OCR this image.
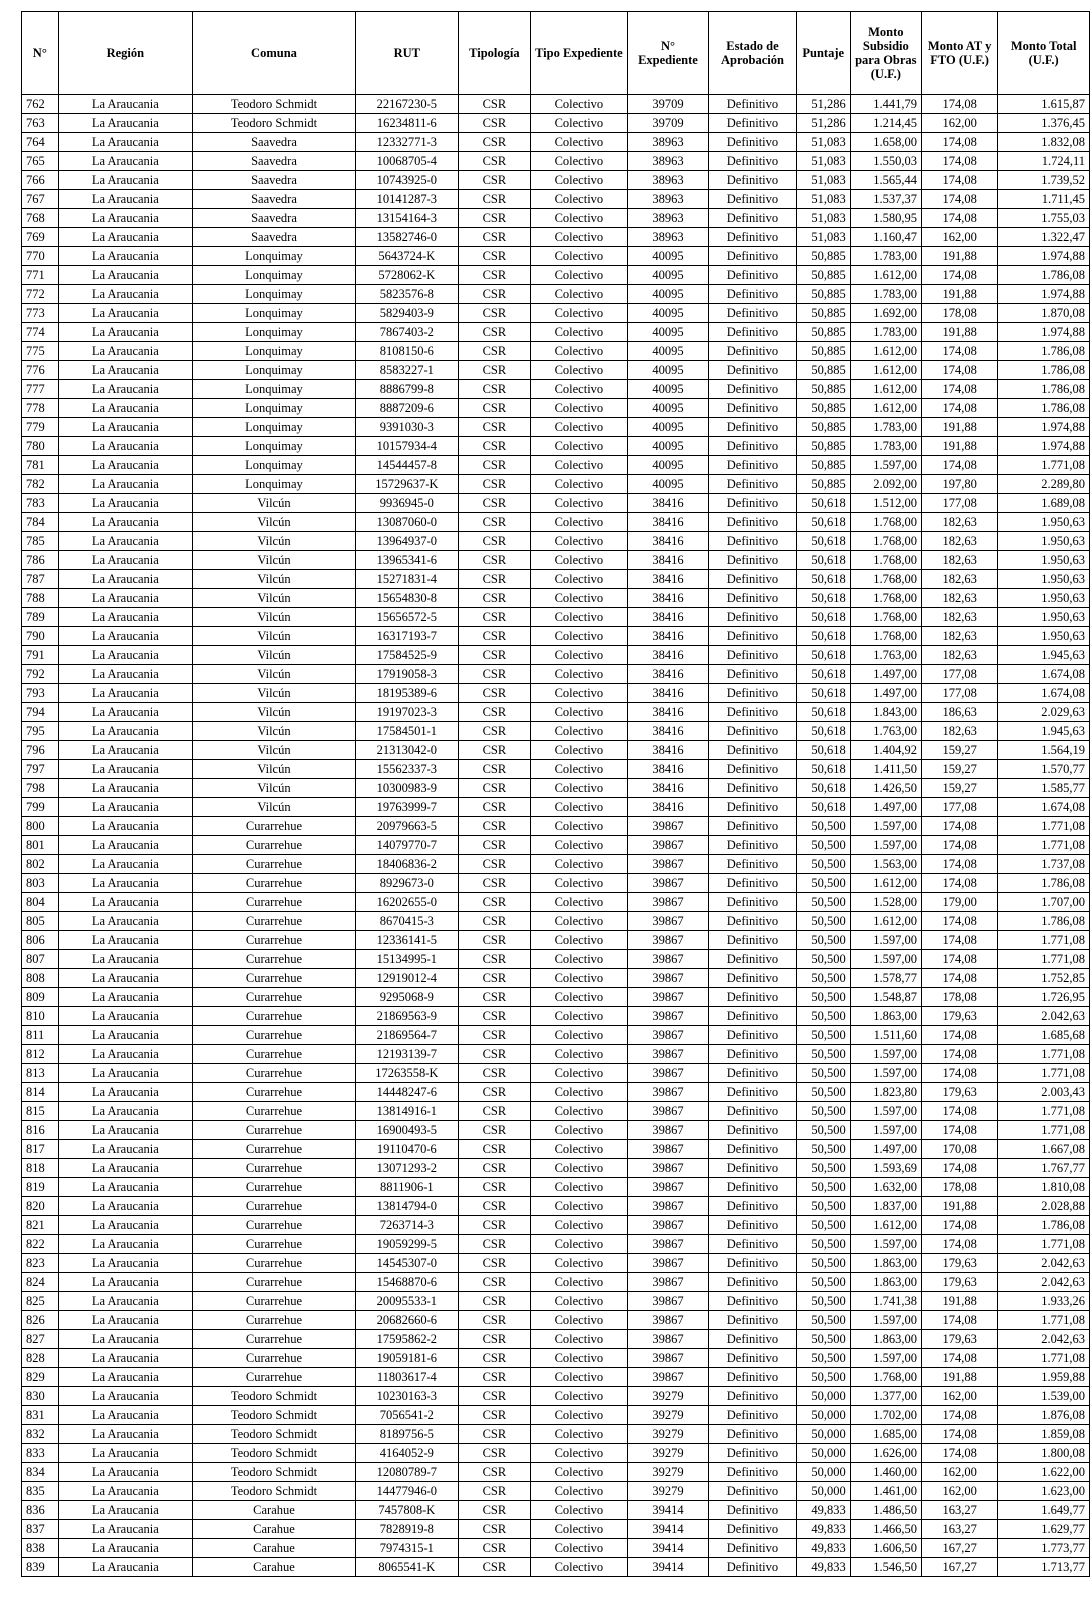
N°	Región	Comuna	RUT	Tipología	Tipo Expediente	N° Expediente	Estado de Aprobación	Puntaje	Monto Subsidio para Obras (U.F.)	Monto AT y FTO (U.F.)	Monto Total (U.F.)
762	La Araucania	Teodoro Schmidt	22167230-5	CSR	Colectivo	39709	Definitivo	51,286	1.441,79	174,08	1.615,87
763	La Araucania	Teodoro Schmidt	16234811-6	CSR	Colectivo	39709	Definitivo	51,286	1.214,45	162,00	1.376,45
764	La Araucania	Saavedra	12332771-3	CSR	Colectivo	38963	Definitivo	51,083	1.658,00	174,08	1.832,08
765	La Araucania	Saavedra	10068705-4	CSR	Colectivo	38963	Definitivo	51,083	1.550,03	174,08	1.724,11
766	La Araucania	Saavedra	10743925-0	CSR	Colectivo	38963	Definitivo	51,083	1.565,44	174,08	1.739,52
767	La Araucania	Saavedra	10141287-3	CSR	Colectivo	38963	Definitivo	51,083	1.537,37	174,08	1.711,45
768	La Araucania	Saavedra	13154164-3	CSR	Colectivo	38963	Definitivo	51,083	1.580,95	174,08	1.755,03
769	La Araucania	Saavedra	13582746-0	CSR	Colectivo	38963	Definitivo	51,083	1.160,47	162,00	1.322,47
770	La Araucania	Lonquimay	5643724-K	CSR	Colectivo	40095	Definitivo	50,885	1.783,00	191,88	1.974,88
771	La Araucania	Lonquimay	5728062-K	CSR	Colectivo	40095	Definitivo	50,885	1.612,00	174,08	1.786,08
772	La Araucania	Lonquimay	5823576-8	CSR	Colectivo	40095	Definitivo	50,885	1.783,00	191,88	1.974,88
773	La Araucania	Lonquimay	5829403-9	CSR	Colectivo	40095	Definitivo	50,885	1.692,00	178,08	1.870,08
774	La Araucania	Lonquimay	7867403-2	CSR	Colectivo	40095	Definitivo	50,885	1.783,00	191,88	1.974,88
775	La Araucania	Lonquimay	8108150-6	CSR	Colectivo	40095	Definitivo	50,885	1.612,00	174,08	1.786,08
776	La Araucania	Lonquimay	8583227-1	CSR	Colectivo	40095	Definitivo	50,885	1.612,00	174,08	1.786,08
777	La Araucania	Lonquimay	8886799-8	CSR	Colectivo	40095	Definitivo	50,885	1.612,00	174,08	1.786,08
778	La Araucania	Lonquimay	8887209-6	CSR	Colectivo	40095	Definitivo	50,885	1.612,00	174,08	1.786,08
779	La Araucania	Lonquimay	9391030-3	CSR	Colectivo	40095	Definitivo	50,885	1.783,00	191,88	1.974,88
780	La Araucania	Lonquimay	10157934-4	CSR	Colectivo	40095	Definitivo	50,885	1.783,00	191,88	1.974,88
781	La Araucania	Lonquimay	14544457-8	CSR	Colectivo	40095	Definitivo	50,885	1.597,00	174,08	1.771,08
782	La Araucania	Lonquimay	15729637-K	CSR	Colectivo	40095	Definitivo	50,885	2.092,00	197,80	2.289,80
783	La Araucania	Vilcún	9936945-0	CSR	Colectivo	38416	Definitivo	50,618	1.512,00	177,08	1.689,08
784	La Araucania	Vilcún	13087060-0	CSR	Colectivo	38416	Definitivo	50,618	1.768,00	182,63	1.950,63
785	La Araucania	Vilcún	13964937-0	CSR	Colectivo	38416	Definitivo	50,618	1.768,00	182,63	1.950,63
786	La Araucania	Vilcún	13965341-6	CSR	Colectivo	38416	Definitivo	50,618	1.768,00	182,63	1.950,63
787	La Araucania	Vilcún	15271831-4	CSR	Colectivo	38416	Definitivo	50,618	1.768,00	182,63	1.950,63
788	La Araucania	Vilcún	15654830-8	CSR	Colectivo	38416	Definitivo	50,618	1.768,00	182,63	1.950,63
789	La Araucania	Vilcún	15656572-5	CSR	Colectivo	38416	Definitivo	50,618	1.768,00	182,63	1.950,63
790	La Araucania	Vilcún	16317193-7	CSR	Colectivo	38416	Definitivo	50,618	1.768,00	182,63	1.950,63
791	La Araucania	Vilcún	17584525-9	CSR	Colectivo	38416	Definitivo	50,618	1.763,00	182,63	1.945,63
792	La Araucania	Vilcún	17919058-3	CSR	Colectivo	38416	Definitivo	50,618	1.497,00	177,08	1.674,08
793	La Araucania	Vilcún	18195389-6	CSR	Colectivo	38416	Definitivo	50,618	1.497,00	177,08	1.674,08
794	La Araucania	Vilcún	19197023-3	CSR	Colectivo	38416	Definitivo	50,618	1.843,00	186,63	2.029,63
795	La Araucania	Vilcún	17584501-1	CSR	Colectivo	38416	Definitivo	50,618	1.763,00	182,63	1.945,63
796	La Araucania	Vilcún	21313042-0	CSR	Colectivo	38416	Definitivo	50,618	1.404,92	159,27	1.564,19
797	La Araucania	Vilcún	15562337-3	CSR	Colectivo	38416	Definitivo	50,618	1.411,50	159,27	1.570,77
798	La Araucania	Vilcún	10300983-9	CSR	Colectivo	38416	Definitivo	50,618	1.426,50	159,27	1.585,77
799	La Araucania	Vilcún	19763999-7	CSR	Colectivo	38416	Definitivo	50,618	1.497,00	177,08	1.674,08
800	La Araucania	Curarrehue	20979663-5	CSR	Colectivo	39867	Definitivo	50,500	1.597,00	174,08	1.771,08
801	La Araucania	Curarrehue	14079770-7	CSR	Colectivo	39867	Definitivo	50,500	1.597,00	174,08	1.771,08
802	La Araucania	Curarrehue	18406836-2	CSR	Colectivo	39867	Definitivo	50,500	1.563,00	174,08	1.737,08
803	La Araucania	Curarrehue	8929673-0	CSR	Colectivo	39867	Definitivo	50,500	1.612,00	174,08	1.786,08
804	La Araucania	Curarrehue	16202655-0	CSR	Colectivo	39867	Definitivo	50,500	1.528,00	179,00	1.707,00
805	La Araucania	Curarrehue	8670415-3	CSR	Colectivo	39867	Definitivo	50,500	1.612,00	174,08	1.786,08
806	La Araucania	Curarrehue	12336141-5	CSR	Colectivo	39867	Definitivo	50,500	1.597,00	174,08	1.771,08
807	La Araucania	Curarrehue	15134995-1	CSR	Colectivo	39867	Definitivo	50,500	1.597,00	174,08	1.771,08
808	La Araucania	Curarrehue	12919012-4	CSR	Colectivo	39867	Definitivo	50,500	1.578,77	174,08	1.752,85
809	La Araucania	Curarrehue	9295068-9	CSR	Colectivo	39867	Definitivo	50,500	1.548,87	178,08	1.726,95
810	La Araucania	Curarrehue	21869563-9	CSR	Colectivo	39867	Definitivo	50,500	1.863,00	179,63	2.042,63
811	La Araucania	Curarrehue	21869564-7	CSR	Colectivo	39867	Definitivo	50,500	1.511,60	174,08	1.685,68
812	La Araucania	Curarrehue	12193139-7	CSR	Colectivo	39867	Definitivo	50,500	1.597,00	174,08	1.771,08
813	La Araucania	Curarrehue	17263558-K	CSR	Colectivo	39867	Definitivo	50,500	1.597,00	174,08	1.771,08
814	La Araucania	Curarrehue	14448247-6	CSR	Colectivo	39867	Definitivo	50,500	1.823,80	179,63	2.003,43
815	La Araucania	Curarrehue	13814916-1	CSR	Colectivo	39867	Definitivo	50,500	1.597,00	174,08	1.771,08
816	La Araucania	Curarrehue	16900493-5	CSR	Colectivo	39867	Definitivo	50,500	1.597,00	174,08	1.771,08
817	La Araucania	Curarrehue	19110470-6	CSR	Colectivo	39867	Definitivo	50,500	1.497,00	170,08	1.667,08
818	La Araucania	Curarrehue	13071293-2	CSR	Colectivo	39867	Definitivo	50,500	1.593,69	174,08	1.767,77
819	La Araucania	Curarrehue	8811906-1	CSR	Colectivo	39867	Definitivo	50,500	1.632,00	178,08	1.810,08
820	La Araucania	Curarrehue	13814794-0	CSR	Colectivo	39867	Definitivo	50,500	1.837,00	191,88	2.028,88
821	La Araucania	Curarrehue	7263714-3	CSR	Colectivo	39867	Definitivo	50,500	1.612,00	174,08	1.786,08
822	La Araucania	Curarrehue	19059299-5	CSR	Colectivo	39867	Definitivo	50,500	1.597,00	174,08	1.771,08
823	La Araucania	Curarrehue	14545307-0	CSR	Colectivo	39867	Definitivo	50,500	1.863,00	179,63	2.042,63
824	La Araucania	Curarrehue	15468870-6	CSR	Colectivo	39867	Definitivo	50,500	1.863,00	179,63	2.042,63
825	La Araucania	Curarrehue	20095533-1	CSR	Colectivo	39867	Definitivo	50,500	1.741,38	191,88	1.933,26
826	La Araucania	Curarrehue	20682660-6	CSR	Colectivo	39867	Definitivo	50,500	1.597,00	174,08	1.771,08
827	La Araucania	Curarrehue	17595862-2	CSR	Colectivo	39867	Definitivo	50,500	1.863,00	179,63	2.042,63
828	La Araucania	Curarrehue	19059181-6	CSR	Colectivo	39867	Definitivo	50,500	1.597,00	174,08	1.771,08
829	La Araucania	Curarrehue	11803617-4	CSR	Colectivo	39867	Definitivo	50,500	1.768,00	191,88	1.959,88
830	La Araucania	Teodoro Schmidt	10230163-3	CSR	Colectivo	39279	Definitivo	50,000	1.377,00	162,00	1.539,00
831	La Araucania	Teodoro Schmidt	7056541-2	CSR	Colectivo	39279	Definitivo	50,000	1.702,00	174,08	1.876,08
832	La Araucania	Teodoro Schmidt	8189756-5	CSR	Colectivo	39279	Definitivo	50,000	1.685,00	174,08	1.859,08
833	La Araucania	Teodoro Schmidt	4164052-9	CSR	Colectivo	39279	Definitivo	50,000	1.626,00	174,08	1.800,08
834	La Araucania	Teodoro Schmidt	12080789-7	CSR	Colectivo	39279	Definitivo	50,000	1.460,00	162,00	1.622,00
835	La Araucania	Teodoro Schmidt	14477946-0	CSR	Colectivo	39279	Definitivo	50,000	1.461,00	162,00	1.623,00
836	La Araucania	Carahue	7457808-K	CSR	Colectivo	39414	Definitivo	49,833	1.486,50	163,27	1.649,77
837	La Araucania	Carahue	7828919-8	CSR	Colectivo	39414	Definitivo	49,833	1.466,50	163,27	1.629,77
838	La Araucania	Carahue	7974315-1	CSR	Colectivo	39414	Definitivo	49,833	1.606,50	167,27	1.773,77
839	La Araucania	Carahue	8065541-K	CSR	Colectivo	39414	Definitivo	49,833	1.546,50	167,27	1.713,77
